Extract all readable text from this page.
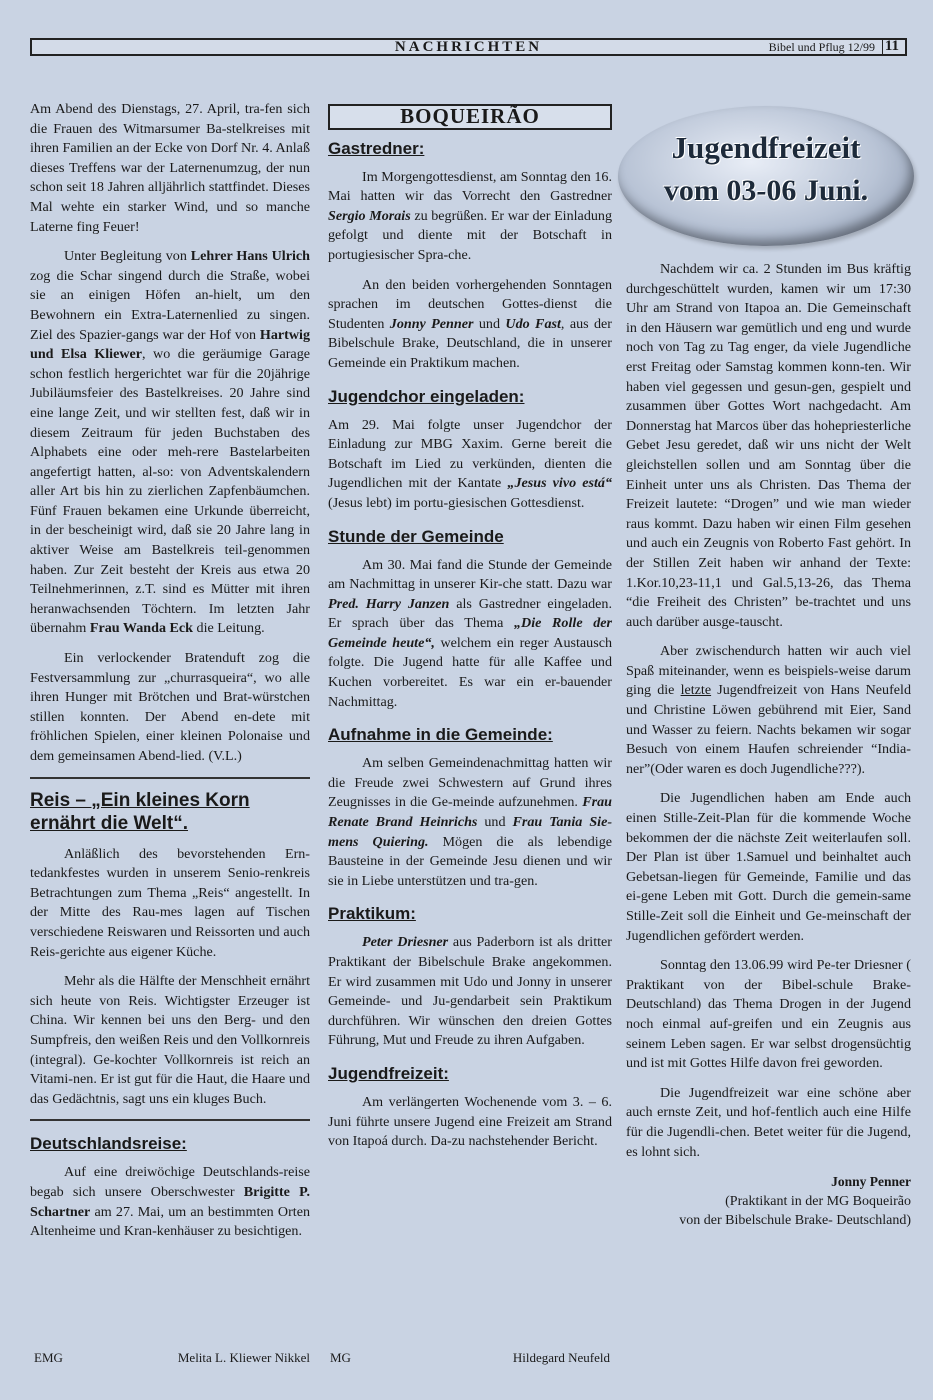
NACHRICHTEN	Bibel und Pflug 12/99 11

Am Abend des Dienstags, 27. April, tra-fen sich die Frauen des Witmarsumer Ba-stelkreises mit ihren Familien an der Ecke von Dorf Nr. 4. Anlaß dieses Treffens war der Laternenumzug, der nun schon seit 18 Jahren alljährlich stattfindet. Dieses Mal wehte ein starker Wind, und so manche Laterne fing Feuer!

Unter Begleitung von Lehrer Hans Ulrich zog die Schar singend durch die Straße, wobei sie an einigen Höfen an-hielt, um den Bewohnern ein Extra-Laternenlied zu singen. Ziel des Spazier-gangs war der Hof von Hartwig und Elsa Kliewer, wo die geräumige Garage schon festlich hergerichtet war für die 20jährige Jubiläumsfeier des Bastelkreises. 20 Jahre sind eine lange Zeit, und wir stellten fest, daß wir in diesem Zeitraum für jeden Buchstaben des Alphabets eine oder meh-rere Bastelarbeiten angefertigt hatten, al-so: von Adventskalendern aller Art bis hin zu zierlichen Zapfenbäumchen. Fünf Frauen bekamen eine Urkunde überreicht, in der bescheinigt wird, daß sie 20 Jahre lang in aktiver Weise am Bastelkreis teil-genommen haben. Zur Zeit besteht der Kreis aus etwa 20 Teilnehmerinnen, z.T. sind es Mütter mit ihren heranwachsenden Töchtern. Im letzten Jahr übernahm Frau Wanda Eck die Leitung.

Ein verlockender Bratenduft zog die Festversammlung zur „churrasqueira“, wo alle ihren Hunger mit Brötchen und Brat-würstchen stillen konnten. Der Abend en-dete mit fröhlichen Spielen, einer kleinen Polonaise und dem gemeinsamen Abend-lied. (V.L.)

Reis – „Ein kleines Korn ernährt die Welt“.

Anläßlich des bevorstehenden Ern-tedankfestes wurden in unserem Senio-renkreis Betrachtungen zum Thema „Reis“ angestellt. In der Mitte des Rau-mes lagen auf Tischen verschiedene Reiswaren und Reissorten und auch Reis-gerichte aus eigener Küche.

Mehr als die Hälfte der Menschheit ernährt sich heute von Reis. Wichtigster Erzeuger ist China. Wir kennen bei uns den Berg- und den Sumpfreis, den weißen Reis und den Vollkornreis (integral). Ge-kochter Vollkornreis ist reich an Vitami-nen. Er ist gut für die Haut, die Haare und das Gedächtnis, sagt uns ein kluges Buch.

Deutschlandsreise:

Auf eine dreiwöchige Deutschlands-reise begab sich unsere Oberschwester Brigitte P. Schartner am 27. Mai, um an bestimmten Orten Altenheime und Kran-kenhäuser zu besichtigen.

BOQUEIRÃO
Gastredner:

Im Morgengottesdienst, am Sonntag den 16. Mai hatten wir das Vorrecht den Gastredner Sergio Morais zu begrüßen. Er war der Einladung gefolgt und diente mit der Botschaft in portugiesischer Spra-che.

An den beiden vorhergehenden Sonntagen sprachen im deutschen Gottes-dienst die Studenten Jonny Penner und Udo Fast, aus der Bibelschule Brake, Deutschland, die in unserer Gemeinde ein Praktikum machen.

Jugendchor eingeladen:

Am 29. Mai folgte unser Jugendchor der Einladung zur MBG Xaxim. Gerne bereit die Botschaft im Lied zu verkünden, dienten die Jugendlichen mit der Kantate „Jesus vivo está“ (Jesus lebt) im portu-giesischen Gottesdienst.

Stunde der Gemeinde

Am 30. Mai fand die Stunde der Gemeinde am Nachmittag in unserer Kir-che statt. Dazu war Pred. Harry Janzen als Gastredner eingeladen. Er sprach über das Thema „Die Rolle der Gemeinde heute“, welchem ein reger Austausch folgte. Die Jugend hatte für alle Kaffee und Kuchen vorbereitet. Es war ein er-bauender Nachmittag.

Aufnahme in die Gemeinde:

Am selben Gemeindenachmittag hatten wir die Freude zwei Schwestern auf Grund ihres Zeugnisses in die Ge-meinde aufzunehmen. Frau Renate Brand Heinrichs und Frau Tania Sie-mens Quiering. Mögen die als lebendige Bausteine in der Gemeinde Jesu dienen und wir sie in Liebe unterstützen und tra-gen.

Praktikum:

Peter Driesner aus Paderborn ist als dritter Praktikant der Bibelschule Brake angekommen. Er wird zusammen mit Udo und Jonny in unserer Gemeinde- und Ju-gendarbeit sein Praktikum durchführen. Wir wünschen den dreien Gottes Führung, Mut und Freude zu ihren Aufgaben.

Jugendfreizeit:

Am verlängerten Wochenende vom 3. – 6. Juni führte unsere Jugend eine Freizeit am Strand von Itapoá durch. Da-zu nachstehender Bericht.

Jugendfreizeit
vom 03-06 Juni.

Nachdem wir ca. 2 Stunden im Bus kräftig durchgeschüttelt wurden, kamen wir um 17:30 Uhr am Strand von Itapoa an. Die Gemeinschaft in den Häusern war gemütlich und eng und wurde noch von Tag zu Tag enger, da viele Jugendliche erst Freitag oder Samstag kommen konn-ten. Wir haben viel gegessen und gesun-gen, gespielt und zusammen über Gottes Wort nachgedacht. Am Donnerstag hat Marcos über das hohepriesterliche Gebet Jesu geredet, daß wir uns nicht der Welt gleichstellen sollen und am Sonntag über die Einheit unter uns als Christen. Das Thema der Freizeit lautete: “Drogen” und wie man wieder raus kommt. Dazu haben wir einen Film gesehen und auch ein Zeugnis von Roberto Fast gehört. In der Stillen Zeit haben wir anhand der Texte: 1.Kor.10,23-11,1 und Gal.5,13-26, das Thema “die Freiheit des Christen” be-trachtet und uns auch darüber ausge-tauscht.

Aber zwischendurch hatten wir auch viel Spaß miteinander, wenn es beispiels-weise darum ging die letzte Jugendfreizeit von Hans Neufeld und Christine Löwen gebührend mit Eier, Sand und Wasser zu feiern. Nachts bekamen wir sogar Besuch von einem Haufen schreiender “India-ner”(Oder waren es doch Jugendliche???).

Die Jugendlichen haben am Ende auch einen Stille-Zeit-Plan für die kommende Woche bekommen der die nächste Zeit weiterlaufen soll. Der Plan ist über 1.Samuel und beinhaltet auch Gebetsan-liegen für Gemeinde, Familie und das ei-gene Leben mit Gott. Durch die gemein-same Stille-Zeit soll die Einheit und Ge-meinschaft der Jugendlichen gefördert werden.

Sonntag den 13.06.99 wird Pe-ter Driesner ( Praktikant von der Bibel-schule Brake-Deutschland) das Thema Drogen in der Jugend noch einmal auf-greifen und ein Zeugnis aus seinem Leben sagen. Er war selbst drogensüchtig und ist mit Gottes Hilfe davon frei geworden.

Die Jugendfreizeit war eine schöne aber auch ernste Zeit, und hof-fentlich auch eine Hilfe für die Jugendli-chen. Betet weiter für die Jugend, es lohnt sich.

Jonny Penner
(Praktikant in der MG Boqueirão
von der Bibelschule Brake- Deutschland)
EMG	Melita L. Kliewer Nikkel MG	Hildegard Neufeld
